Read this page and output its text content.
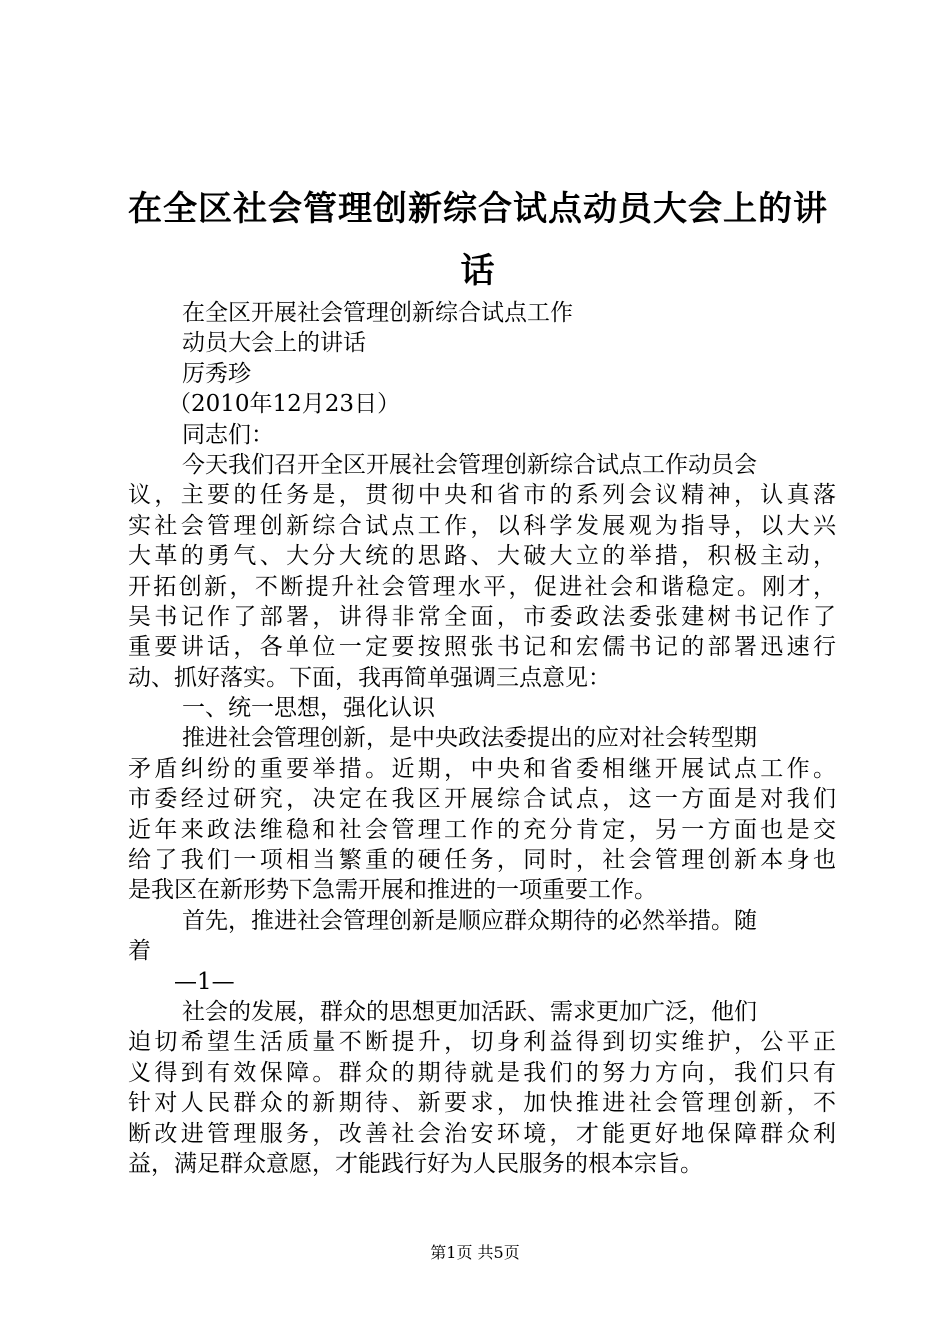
在全区社会管理创新综合试点动员大会上的讲
话
在全区开展社会管理创新综合试点工作
动员大会上的讲话
厉秀珍
（2010年12月23日）
同志们：
今天我们召开全区开展社会管理创新综合试点工作动员会
议，主要的任务是，贯彻中央和省市的系列会议精神，认真落
实社会管理创新综合试点工作，以科学发展观为指导，以大兴
大革的勇气、大分大统的思路、大破大立的举措，积极主动，
开拓创新，不断提升社会管理水平，促进社会和谐稳定。刚才，
吴书记作了部署，讲得非常全面，市委政法委张建树书记作了
重要讲话，各单位一定要按照张书记和宏儒书记的部署迅速行
动、抓好落实。下面，我再简单强调三点意见：
一、统一思想，强化认识
推进社会管理创新，是中央政法委提出的应对社会转型期
矛盾纠纷的重要举措。近期，中央和省委相继开展试点工作。
市委经过研究，决定在我区开展综合试点，这一方面是对我们
近年来政法维稳和社会管理工作的充分肯定，另一方面也是交
给了我们一项相当繁重的硬任务，同时，社会管理创新本身也
是我区在新形势下急需开展和推进的一项重要工作。
首先，推进社会管理创新是顺应群众期待的必然举措。随
着
—1—
社会的发展，群众的思想更加活跃、需求更加广泛，他们
迫切希望生活质量不断提升，切身利益得到切实维护，公平正
义得到有效保障。群众的期待就是我们的努力方向，我们只有
针对人民群众的新期待、新要求，加快推进社会管理创新，不
断改进管理服务，改善社会治安环境，才能更好地保障群众利
益，满足群众意愿，才能践行好为人民服务的根本宗旨。
第1页 共5页
